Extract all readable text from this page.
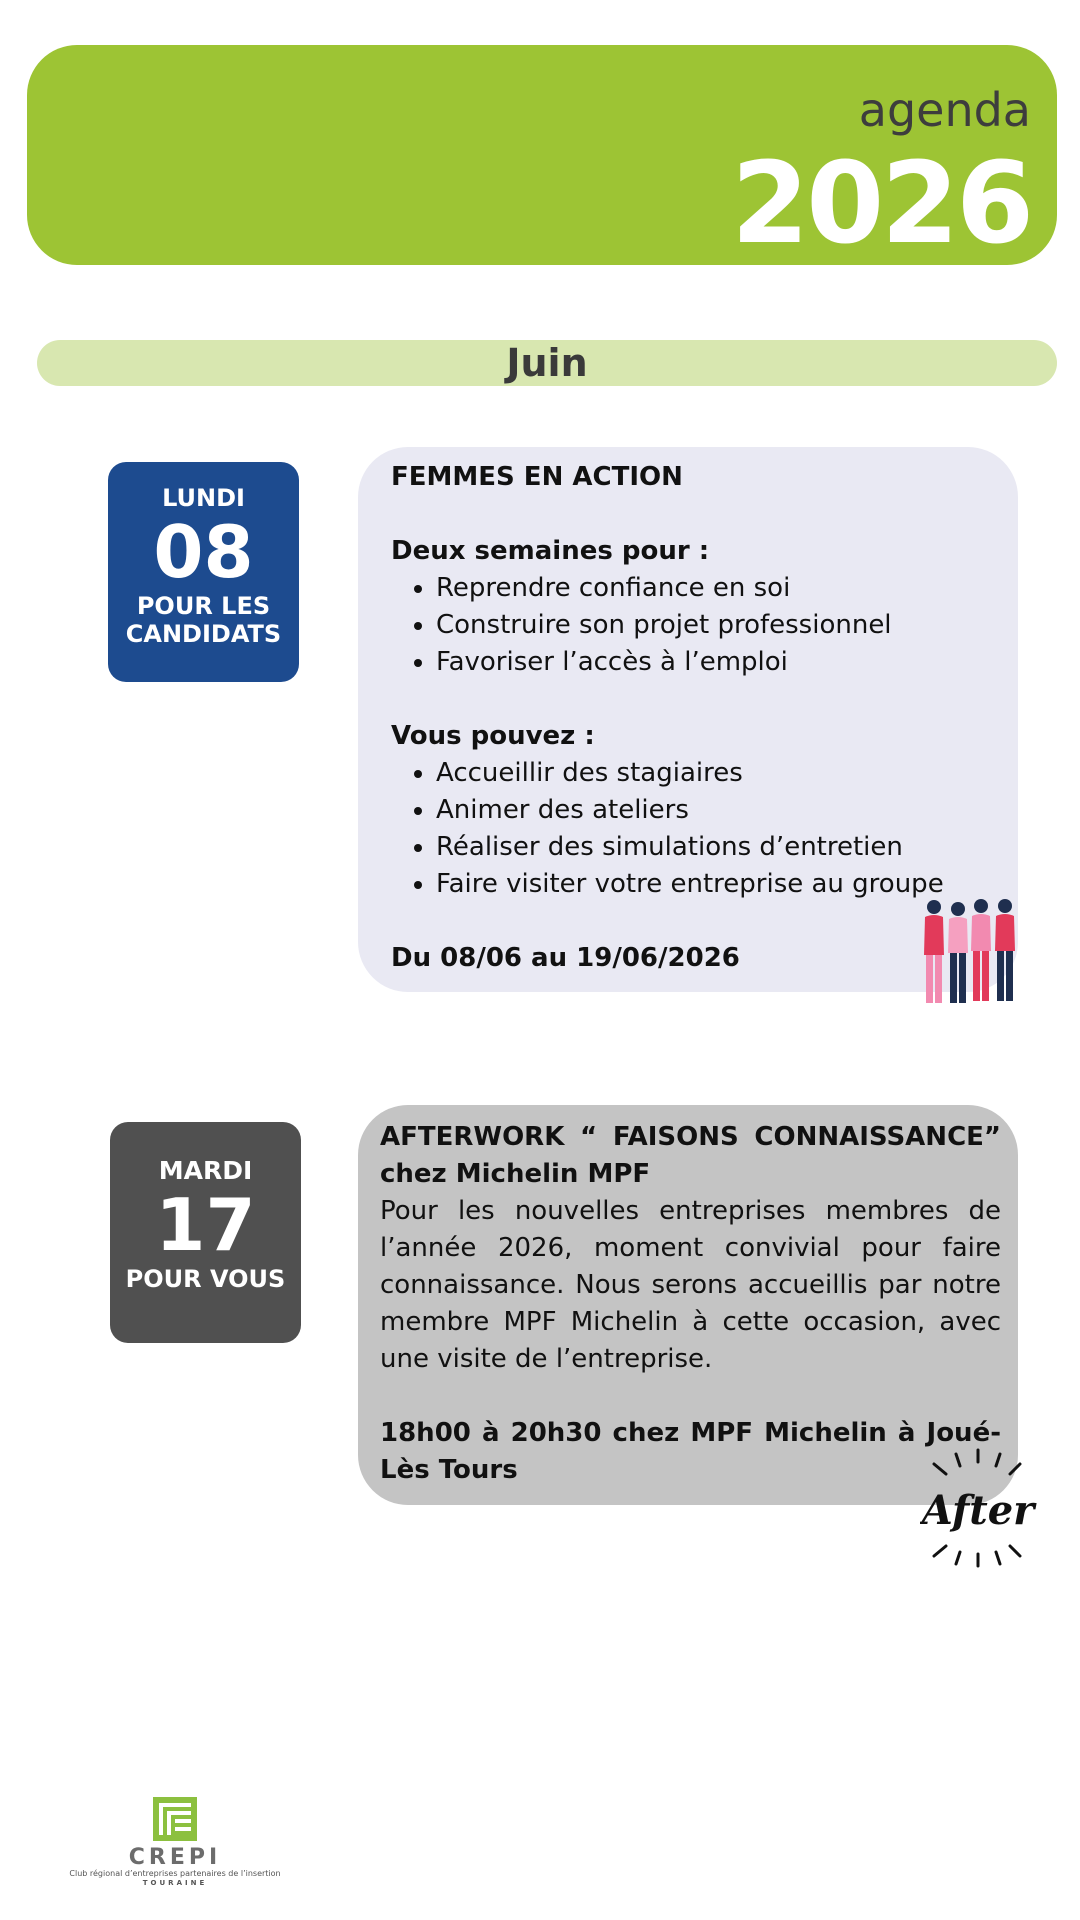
agenda
2026
Juin
LUNDI
08
POUR LES
CANDIDATS
FEMMES EN ACTION
Deux semaines pour :
• Reprendre confiance en soi
• Construire son projet professionnel
• Favoriser l’accès à l’emploi
Vous pouvez :
• Accueillir des stagiaires
• Animer des ateliers
• Réaliser des simulations d’entretien
• Faire visiter votre entreprise au groupe
Du 08/06 au 19/06/2026
MARDI
17
POUR VOUS
AFTERWORK “ FAISONS CONNAISSANCE” chez Michelin MPF
Pour les nouvelles entreprises membres de l’année 2026, moment convivial pour faire connaissance. Nous serons accueillis par notre membre MPF Michelin à cette occasion, avec une visite de l’entreprise.
18h00 à 20h30 chez MPF Michelin à Joué-Lès Tours
After
CREPI
Club régional d’entreprises partenaires de l’insertion
TOURAINE
